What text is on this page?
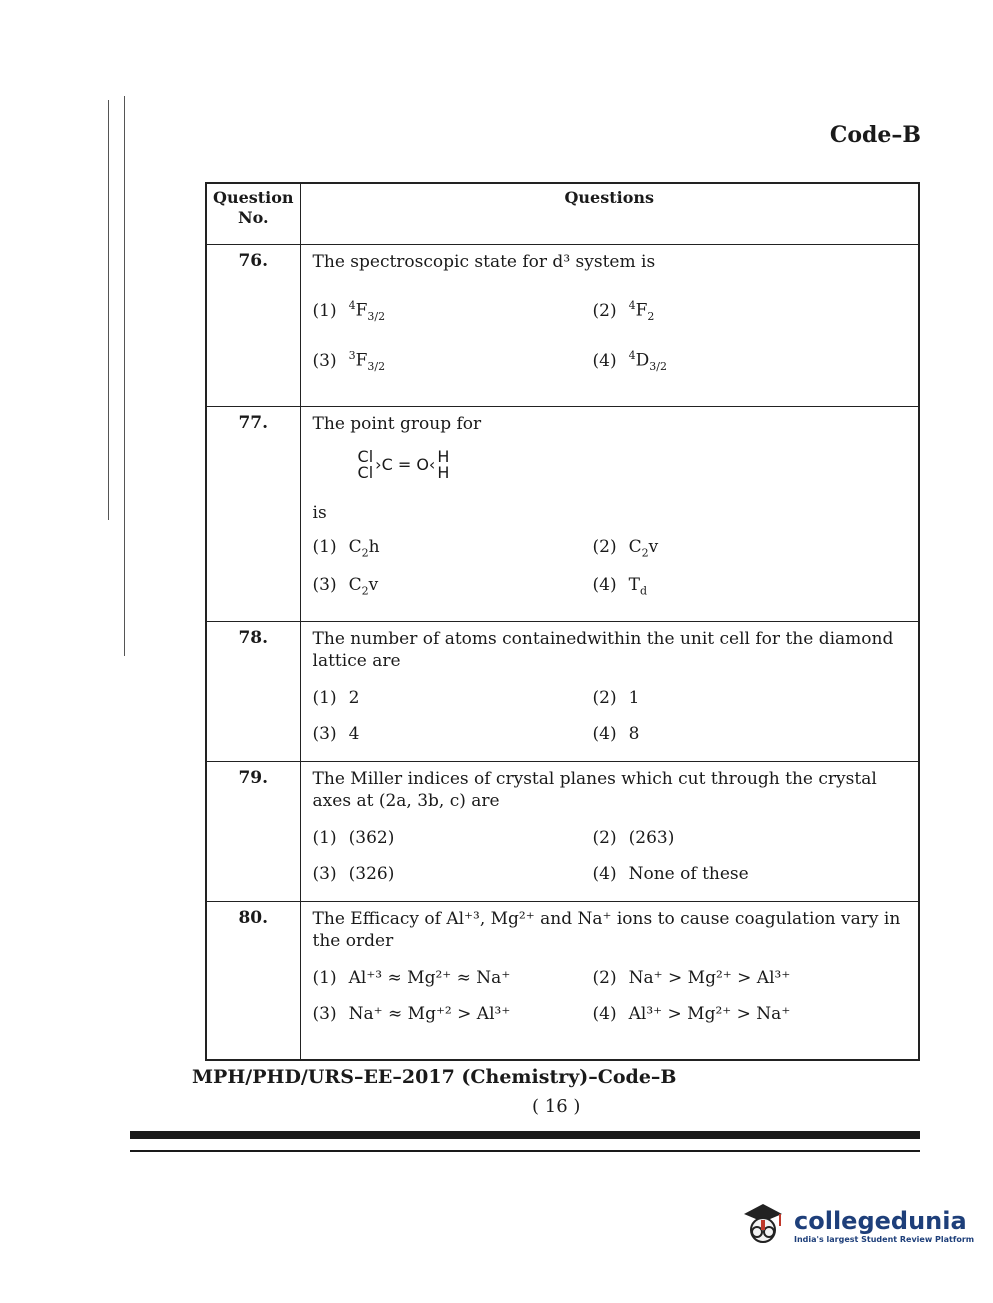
Code–B
Question No.	Questions
76.	The spectroscopic state for d³ system is
(1) $^4F_{3/2}$	(2) $^4F_2$
(3) $^3F_{3/2}$	(4) $^4D_{3/2}$

77.	The point group for
Cl	›C = O‹	H
Cl	H
is
(1) $C_2h$	(2) $C_2v$
(3) $C_2v$	(4) $T_d$

78.	The number of atoms containedwithin the unit cell for the diamond lattice are
(1) 2	(2) 1
(3) 4	(4) 8

79.	The Miller indices of crystal planes which cut through the crystal axes at (2a, 3b, c) are
(1) (362)	(2) (263)
(3) (326)	(4) None of these

80.	The Efficacy of Al⁺³, Mg²⁺ and Na⁺ ions to cause coagulation vary in the order
(1) Al⁺³ ≈ Mg²⁺ ≈ Na⁺	(2) Na⁺ > Mg²⁺ > Al³⁺
(3) Na⁺ ≈ Mg⁺² > Al³⁺	(4) Al³⁺ > Mg²⁺ > Na⁺
MPH/PHD/URS–EE–2017 (Chemistry)–Code–B
( 16 )
collegedunia
India's largest Student Review Platform
